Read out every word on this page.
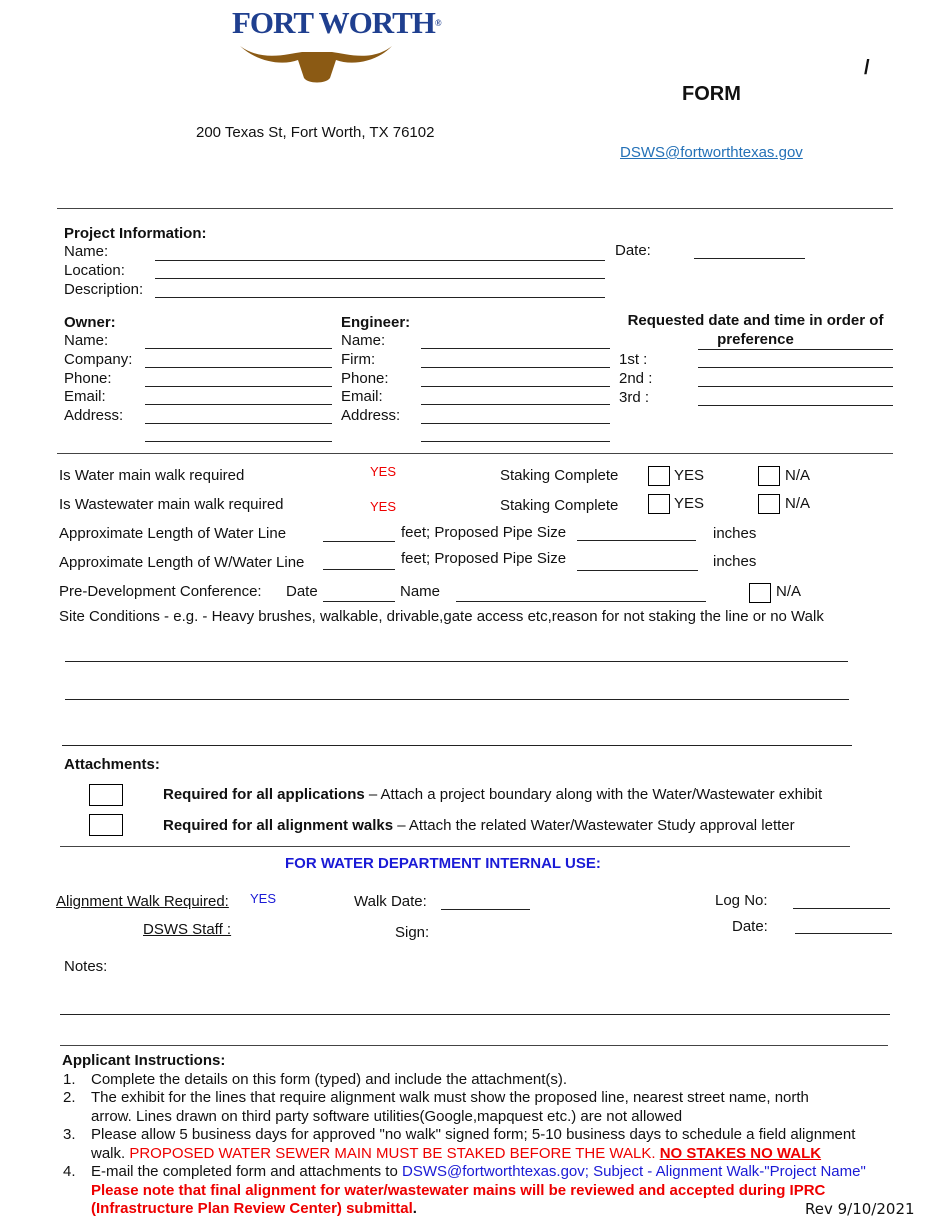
FORT WORTH®
200 Texas St, Fort Worth, TX 76102
/
FORM
DSWS@fortworthtexas.gov
Project Information:
Name:
Location:
Description:
Date:
Owner:
Name:
Company:
Phone:
Email:
Address:
Engineer:
Name:
Firm:
Phone:
Email:
Address:
Requested date and time in order of
preference
1st :
2nd :
3rd :
Is Water main walk required	YES	Staking Complete	YES	N/A
Is Wastewater main walk required	YES	Staking Complete	YES	N/A
Approximate Length of Water Line	feet; Proposed Pipe Size	inches
Approximate Length of W/Water Line	feet; Proposed Pipe Size	inches
Pre-Development Conference: Date	Name	N/A
Site Conditions - e.g. - Heavy brushes, walkable, drivable,gate access etc,reason for not staking the line or no Walk
Attachments:
Required for all applications – Attach a project boundary along with the Water/Wastewater exhibit
Required for all alignment walks – Attach the related Water/Wastewater Study approval letter
FOR WATER DEPARTMENT INTERNAL USE:
Alignment Walk Required: YES	Walk Date:	Log No:
DSWS Staff :	Sign:	Date:
Notes:
Applicant Instructions:
1. Complete the details on this form (typed) and include the attachment(s).
2. The exhibit for the lines that require alignment walk must show the proposed line, nearest street name, north
arrow. Lines drawn on third party software utilities(Google,mapquest etc.) are not allowed
3. Please allow 5 business days for approved "no walk" signed form; 5-10 business days to schedule a field alignment
walk. PROPOSED WATER SEWER MAIN MUST BE STAKED BEFORE THE WALK. NO STAKES NO WALK
4. E-mail the completed form and attachments to DSWS@fortworthtexas.gov; Subject - Alignment Walk-"Project Name"
Please note that final alignment for water/wastewater mains will be reviewed and accepted during IPRC
(Infrastructure Plan Review Center) submittal.	Rev 9/10/2021
